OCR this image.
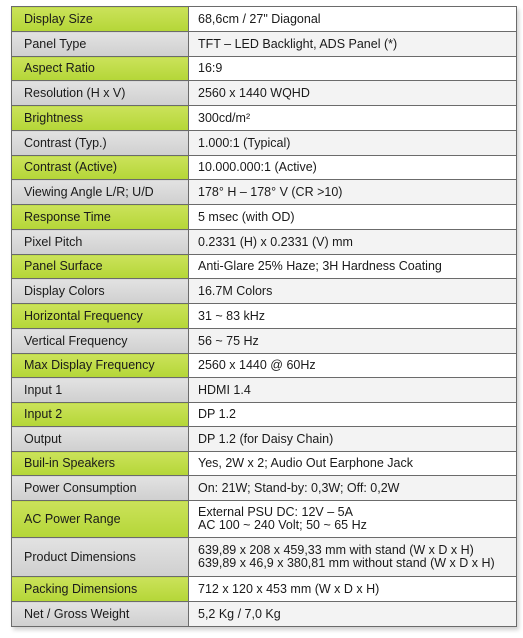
Display Size	68,6cm / 27" Diagonal
Panel Type	TFT – LED Backlight, ADS Panel (*)
Aspect Ratio	16:9
Resolution (H x V)	2560 x 1440 WQHD
Brightness	300cd/m²
Contrast (Typ.)	1.000:1 (Typical)
Contrast (Active)	10.000.000:1 (Active)
Viewing Angle L/R; U/D	178° H – 178° V (CR >10)
Response Time	5 msec (with OD)
Pixel Pitch	0.2331 (H) x 0.2331 (V) mm
Panel Surface	Anti-Glare 25% Haze; 3H Hardness Coating
Display Colors	16.7M Colors
Horizontal Frequency	31 ~ 83 kHz
Vertical Frequency	56 ~ 75 Hz
Max Display Frequency	2560 x 1440 @ 60Hz
Input 1	HDMI 1.4
Input 2	DP 1.2
Output	DP 1.2 (for Daisy Chain)
Buil-in Speakers	Yes, 2W x 2; Audio Out Earphone Jack
Power Consumption	On: 21W; Stand-by: 0,3W; Off: 0,2W
AC Power Range	External PSU DC: 12V – 5A
AC 100 ~ 240 Volt; 50 ~ 65 Hz

Product Dimensions	639,89 x 208 x 459,33 mm with stand (W x D x H)
639,89 x 46,9 x 380,81 mm without stand (W x D x H)

Packing Dimensions	712 x 120 x 453 mm (W x D x H)
Net / Gross Weight	5,2 Kg / 7,0 Kg
